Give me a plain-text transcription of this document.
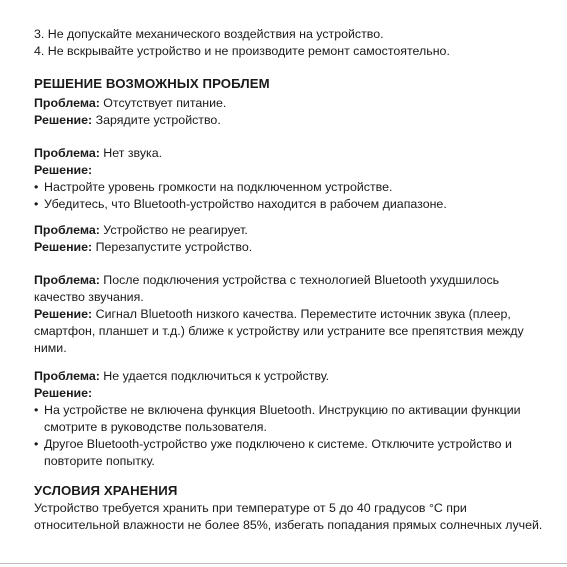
3. Не допускайте механического воздействия на устройство.

4. Не вскрывайте устройство и не производите ремонт самостоятельно.

РЕШЕНИЕ ВОЗМОЖНЫХ ПРОБЛЕМ

Проблема: Отсутствует питание.

Решение: Зарядите устройство.

Проблема: Нет звука.

Решение:

• Настройте уровень громкости на подключенном устройстве.
• Убедитесь, что Bluetooth-устройство находится в рабочем диапазоне.

Проблема: Устройство не реагирует.

Решение: Перезапустите устройство.

Проблема: После подключения устройства с технологией Bluetooth ухудшилось качество звучания.

Решение: Сигнал Bluetooth низкого качества. Переместите источник звука (плеер, смартфон, планшет и т.д.) ближе к устройству или устраните все препятствия между ними.

Проблема: Не удается подключиться к устройству.

Решение:

• На устройстве не включена функция Bluetooth. Инструкцию по активации функции смотрите в руководстве пользователя.
• Другое Bluetooth-устройство уже подключено к системе. Отключите устройство и повторите попытку.
УСЛОВИЯ ХРАНЕНИЯ

Устройство требуется хранить при температуре от 5 до 40 градусов °С при относительной влажности не более 85%, избегать попадания прямых солнечных лучей.
